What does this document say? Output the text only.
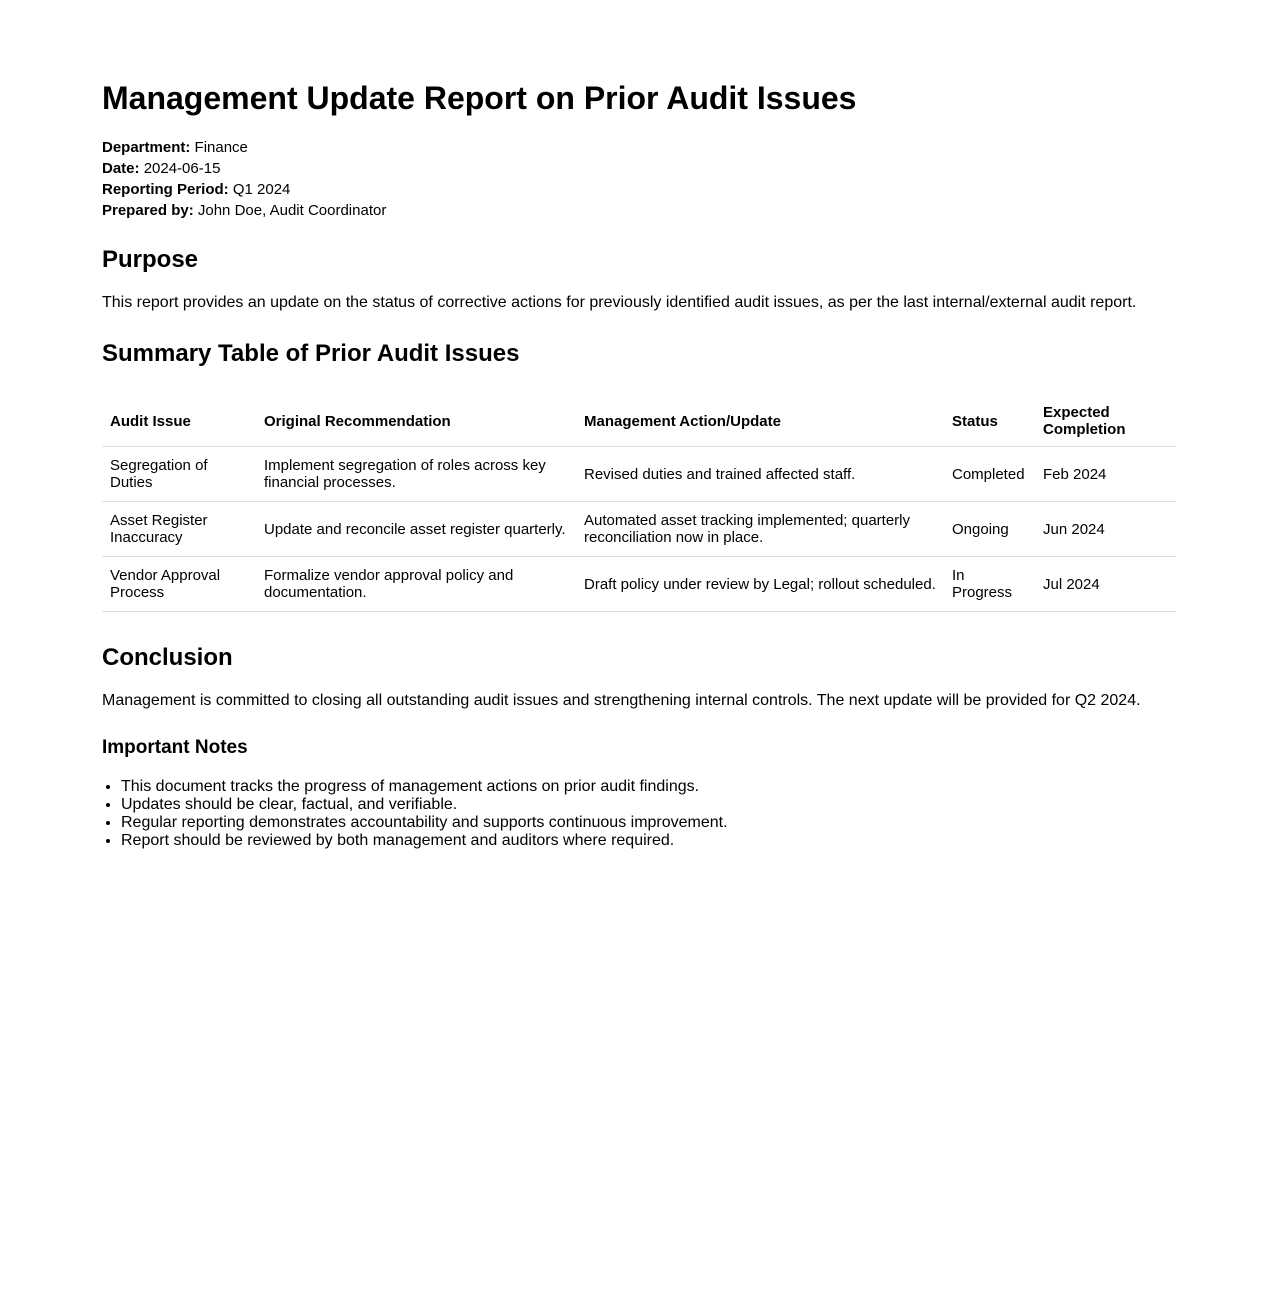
Management Update Report on Prior Audit Issues
Department: Finance
Date: 2024-06-15
Reporting Period: Q1 2024
Prepared by: John Doe, Audit Coordinator
Purpose

This report provides an update on the status of corrective actions for previously identified audit issues, as per the last internal/external audit report.

Summary Table of Prior Audit Issues
Audit Issue	Original Recommendation	Management Action/Update	Status	Expected Completion
Segregation of Duties	Implement segregation of roles across key financial processes.	Revised duties and trained affected staff.	Completed	Feb 2024
Asset Register Inaccuracy	Update and reconcile asset register quarterly.	Automated asset tracking implemented; quarterly reconciliation now in place.	Ongoing	Jun 2024
Vendor Approval Process	Formalize vendor approval policy and documentation.	Draft policy under review by Legal; rollout scheduled.	In Progress	Jul 2024
Conclusion

Management is committed to closing all outstanding audit issues and strengthening internal controls. The next update will be provided for Q2 2024.

Important Notes
• This document tracks the progress of management actions on prior audit findings.
• Updates should be clear, factual, and verifiable.
• Regular reporting demonstrates accountability and supports continuous improvement.
• Report should be reviewed by both management and auditors where required.
